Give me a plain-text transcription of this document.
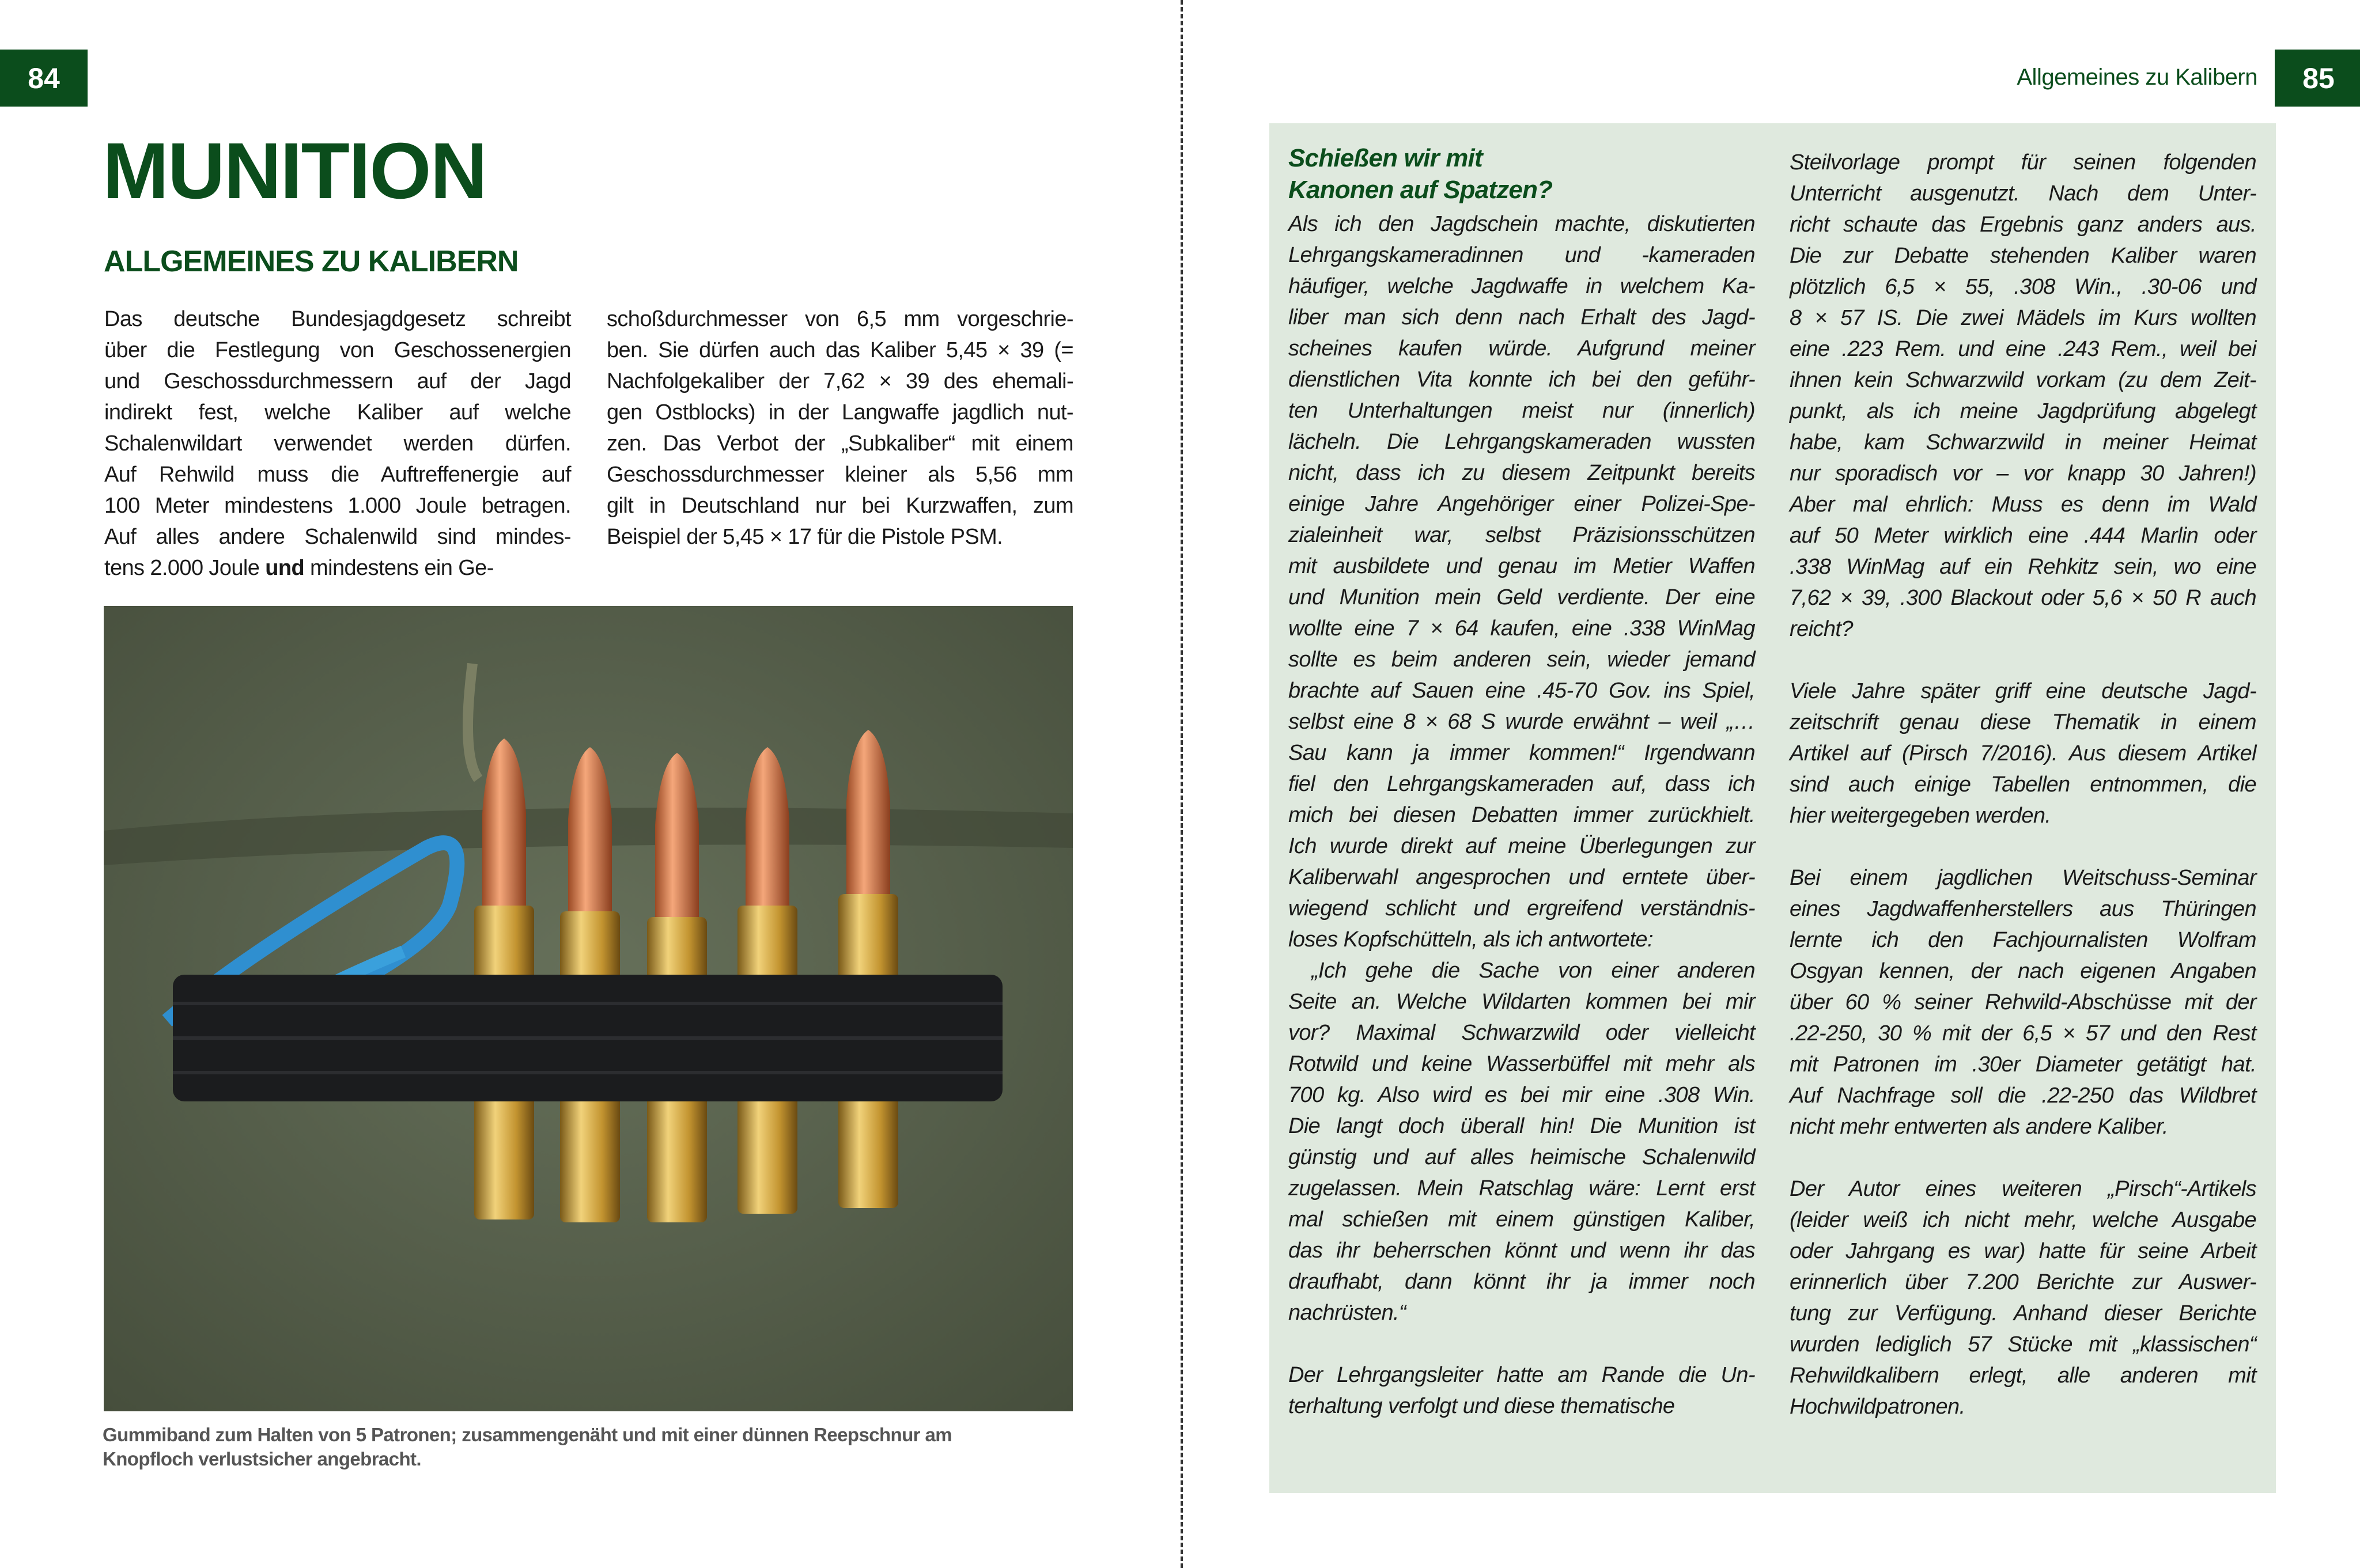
84
MUNITION
ALLGEMEINES ZU KALIBERN
Das deutsche Bundesjagdgesetz schreibt
über die Festlegung von Geschossenergien
und Geschossdurchmessern auf der Jagd
indirekt fest, welche Kaliber auf welche
Schalenwildart verwendet werden dürfen.
Auf Rehwild muss die Auftreffenergie auf
100 Meter mindestens 1.000 Joule betragen.
Auf alles andere Schalenwild sind mindes-
tens 2.000 Joule und mindestens ein Ge-
schoßdurchmesser von 6,5 mm vorgeschrie-
ben. Sie dürfen auch das Kaliber 5,45 × 39 (=
Nachfolgekaliber der 7,62 × 39 des ehemali-
gen Ostblocks) in der Langwaffe jagdlich nut-
zen. Das Verbot der „Subkaliber“ mit einem
Geschossdurchmesser kleiner als 5,56 mm
gilt in Deutschland nur bei Kurzwaffen, zum
Beispiel der 5,45 × 17 für die Pistole PSM.
Gummiband zum Halten von 5 Patronen; zusammengenäht und mit einer dünnen Reepschnur am
Knopfloch verlustsicher angebracht.
Allgemeines zu Kalibern	85
Schießen wir mit
Kanonen auf Spatzen?
Als ich den Jagdschein machte, diskutierten
Lehrgangskameradinnen und -kameraden
häufiger, welche Jagdwaffe in welchem Ka-
liber man sich denn nach Erhalt des Jagd-
scheines kaufen würde. Aufgrund meiner
dienstlichen Vita konnte ich bei den geführ-
ten Unterhaltungen meist nur (innerlich)
lächeln. Die Lehrgangskameraden wussten
nicht, dass ich zu diesem Zeitpunkt bereits
einige Jahre Angehöriger einer Polizei-Spe-
zialeinheit war, selbst Präzisionsschützen
mit ausbildete und genau im Metier Waffen
und Munition mein Geld verdiente. Der eine
wollte eine 7 × 64 kaufen, eine .338 WinMag
sollte es beim anderen sein, wieder jemand
brachte auf Sauen eine .45-70 Gov. ins Spiel,
selbst eine 8 × 68 S wurde erwähnt – weil „…
Sau kann ja immer kommen!“ Irgendwann
fiel den Lehrgangskameraden auf, dass ich
mich bei diesen Debatten immer zurückhielt.
Ich wurde direkt auf meine Überlegungen zur
Kaliberwahl angesprochen und erntete über-
wiegend schlicht und ergreifend verständnis-
loses Kopfschütteln, als ich antwortete:
„Ich gehe die Sache von einer anderen
Seite an. Welche Wildarten kommen bei mir
vor? Maximal Schwarzwild oder vielleicht
Rotwild und keine Wasserbüffel mit mehr als
700 kg. Also wird es bei mir eine .308 Win.
Die langt doch überall hin! Die Munition ist
günstig und auf alles heimische Schalenwild
zugelassen. Mein Ratschlag wäre: Lernt erst
mal schießen mit einem günstigen Kaliber,
das ihr beherrschen könnt und wenn ihr das
draufhabt, dann könnt ihr ja immer noch
nachrüsten.“

Der Lehrgangsleiter hatte am Rande die Un-
terhaltung verfolgt und diese thematische
Steilvorlage prompt für seinen folgenden
Unterricht ausgenutzt. Nach dem Unter-
richt schaute das Ergebnis ganz anders aus.
Die zur Debatte stehenden Kaliber waren
plötzlich 6,5 × 55, .308 Win., .30-06 und
8 × 57 IS. Die zwei Mädels im Kurs wollten
eine .223 Rem. und eine .243 Rem., weil bei
ihnen kein Schwarzwild vorkam (zu dem Zeit-
punkt, als ich meine Jagdprüfung abgelegt
habe, kam Schwarzwild in meiner Heimat
nur sporadisch vor – vor knapp 30 Jahren!)
Aber mal ehrlich: Muss es denn im Wald
auf 50 Meter wirklich eine .444 Marlin oder
.338 WinMag auf ein Rehkitz sein, wo eine
7,62 × 39, .300 Blackout oder 5,6 × 50 R auch
reicht?

Viele Jahre später griff eine deutsche Jagd-
zeitschrift genau diese Thematik in einem
Artikel auf (Pirsch 7/2016). Aus diesem Artikel
sind auch einige Tabellen entnommen, die
hier weitergegeben werden.

Bei einem jagdlichen Weitschuss-Seminar
eines Jagdwaffenherstellers aus Thüringen
lernte ich den Fachjournalisten Wolfram
Osgyan kennen, der nach eigenen Angaben
über 60 % seiner Rehwild-Abschüsse mit der
.22-250, 30 % mit der 6,5 × 57 und den Rest
mit Patronen im .30er Diameter getätigt hat.
Auf Nachfrage soll die .22-250 das Wildbret
nicht mehr entwerten als andere Kaliber.

Der Autor eines weiteren „Pirsch“-Artikels
(leider weiß ich nicht mehr, welche Ausgabe
oder Jahrgang es war) hatte für seine Arbeit
erinnerlich über 7.200 Berichte zur Auswer-
tung zur Verfügung. Anhand dieser Berichte
wurden lediglich 57 Stücke mit „klassischen“
Rehwildkalibern erlegt, alle anderen mit
Hochwildpatronen.
